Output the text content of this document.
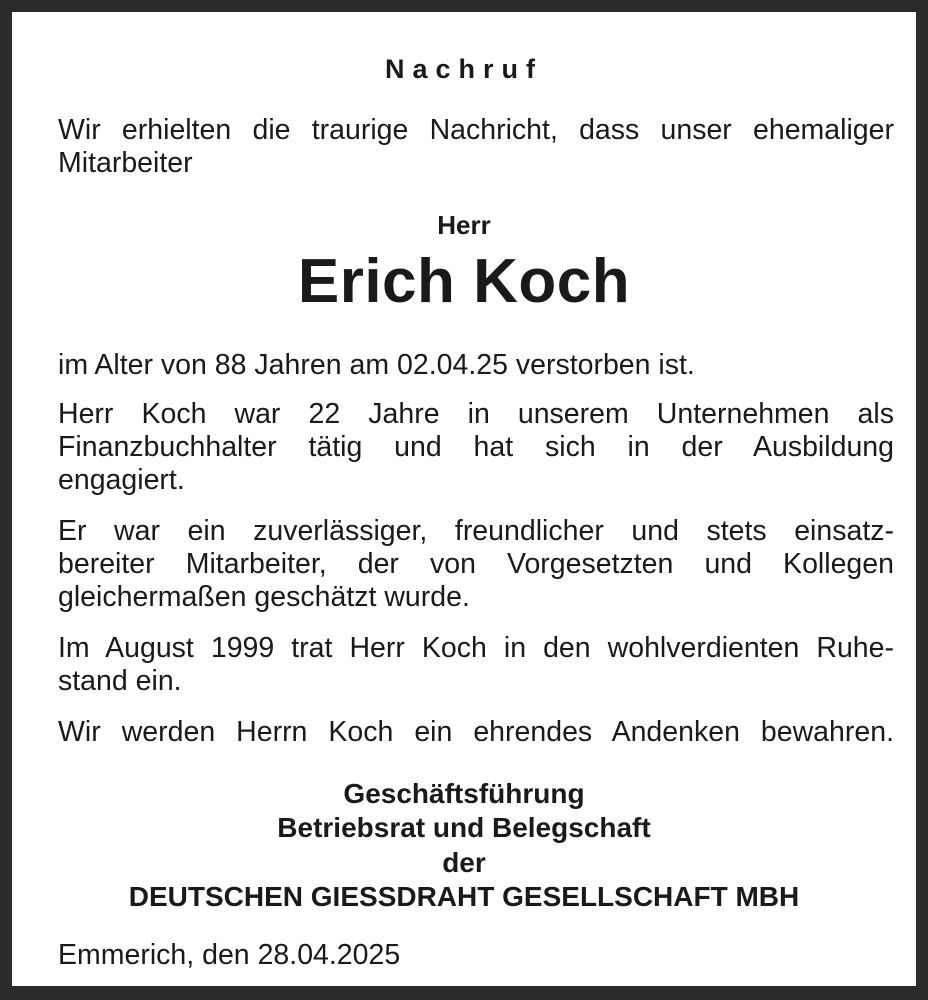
Nachruf
Wir erhielten die traurige Nachricht, dass unser ehemaliger
Mitarbeiter
Herr
Erich Koch
im Alter von 88 Jahren am 02.04.25 verstorben ist.
Herr Koch war 22 Jahre in unserem Unternehmen als
Finanzbuchhalter tätig und hat sich in der Ausbildung
engagiert.
Er war ein zuverlässiger, freundlicher und stets einsatz-
bereiter Mitarbeiter, der von Vorgesetzten und Kollegen
gleichermaßen geschätzt wurde.
Im August 1999 trat Herr Koch in den wohlverdienten Ruhe-
stand ein.
Wir werden Herrn Koch ein ehrendes Andenken bewahren.
Geschäftsführung
Betriebsrat und Belegschaft
der
DEUTSCHEN GIESSDRAHT GESELLSCHAFT MBH
Emmerich, den 28.04.2025
